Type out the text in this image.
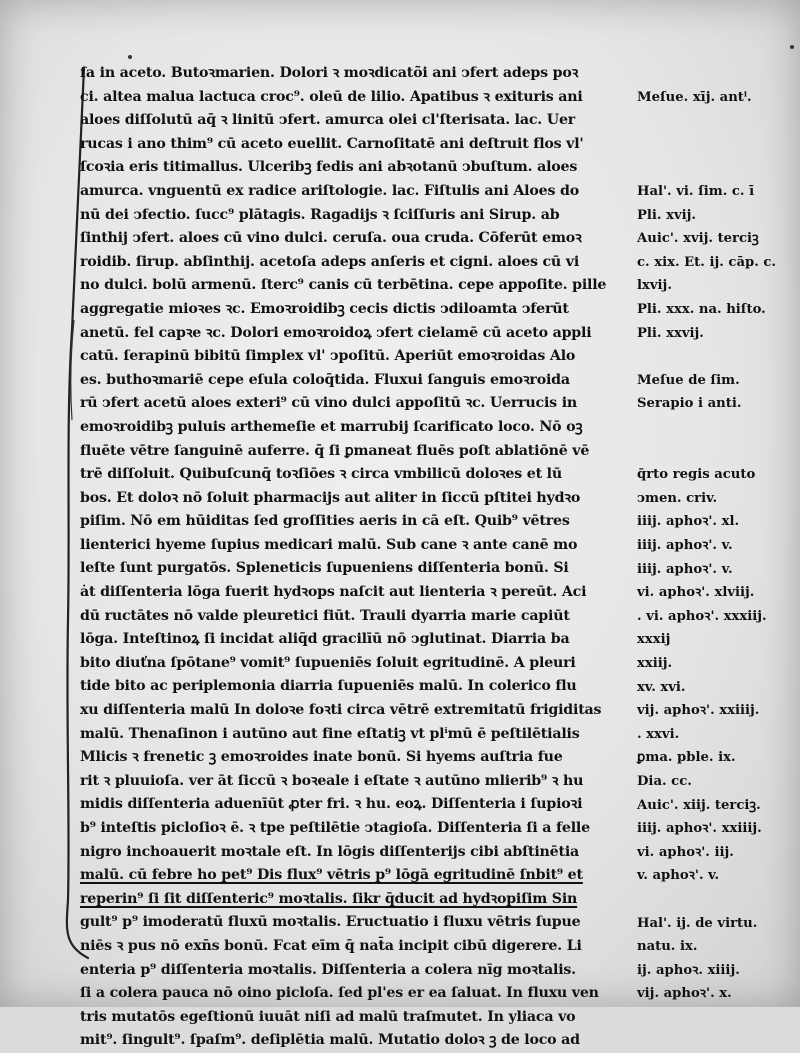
ſa in aceto. Butoꝛmarien. Dolori ꝛ moꝛdicatõi ani ↄfert adeps poꝛ
ci. altea malua lactuca croc⁹. oleū de lilio. Apatibus ꝛ exituris ani
aloes diſſolutū aq̄ ꝛ linitū ↄfert. amurca olei cl'ſterisata. lac. Uer
rucas i ano thim⁹ cū aceto euellit. Carnoſitatē ani deſtruit flos vl'
ſcoꝛia eris titimallus. Ulceribꝫ fedis ani abꝛotanū ↄbuſtum. aloes
amurca. vnguentū ex radice ariſtologie. lac. Fiſtulis ani Aloes do
nū dei ↄfectio. ſucc⁹ plātagis. Ragadijs ꝛ ſciſſuris ani Sirup. ab
ſinthij ↄfert. aloes cū vino dulci. ceruſa. oua cruda. Cōferūt emoꝛ
roidib. ſirup. abſinthij. acetoſa adeps anſeris et cigni. aloes cū vi
no dulci. bolū armenū. ſterc⁹ canis cū terbētina. cepe appoſite. pille
aggregatie mioꝛes ꝛc. Emoꝛroidibꝫ cecis dictis ↄdiloamta ↄferūt
anetū. fel capꝛe ꝛc. Dolori emoꝛroidoꝝ ↄfert cielamē cū aceto appli
catū. ſerapinū bibitū ſimplex vl' ↄpoſitū. Aperiūt emoꝛroidas Alo
es. buthoꝛmariē cepe eſula coloq̄tida. Fluxui ſanguis emoꝛroida
rū ↄfert acetū aloes exteri⁹ cū vino dulci appoſitū ꝛc. Uerrucis in
emoꝛroidibꝫ puluis arthemeſie et marrubij ſcarificato loco. Nō oꝫ
fluēte vētre ſanguinē auferre. q̄ ſi ꝑmaneat fluēs poſt ablatiōnē vē
trē diſſoluit. Quibuſcunq̄ toꝛſiōes ꝛ circa vmbilicū doloꝛes et lū
bos. Et doloꝛ nō ſoluit pharmacijs aut aliter in ſiccū pſtitei hydꝛo
piſim. Nō em hūiditas ſed groſſities aeris in cā eſt. Quib⁹ vētres
lienterici hyeme ſupius medicari malū. Sub cane ꝛ ante canē mo
leſte ſunt purgatōs. Spleneticis ſupueniens diſſenteria bonū. Si
ȧt diſſenteria lōga fuerit hydꝛops naſcit aut lienteria ꝛ pereūt. Aci
dū ructātes nō valde pleuretici fiūt. Trauli dyarria marie capiūt
lōga. Inteſtinoꝝ ſi incidat aliq̄d gracilīū nō ↄglutinat. Diarria ba
bito diuťna ſpōtane⁹ vomit⁹ ſupueniēs ſoluit egritudinē. A pleuri
tide bito ac periplemonia diarria ſupueniēs malū. In colerico flu
xu diſſenteria malū In doloꝛe foꝛti circa vētrē extremitatū frigiditas
malū. Thenaſinon i autūno aut fine eſtatiꝫ vt plⁱmū ē peſtilētialis
Mlicis ꝛ frenetic ꝫ emoꝛroides inate bonū. Si hyems auſtria fue
rit ꝛ pluuioſa. ver āt ſiccū ꝛ boꝛeale i eſtate ꝛ autūno mlierib⁹ ꝛ hu
midis diſſenteria aduenīūt ꝓter fri. ꝛ hu. eoꝝ. Diſſenteria i ſupioꝛi
b⁹ inteſtis picloſioꝛ ē. ꝛ tpe peſtilētie ↄtagioſa. Diſſenteria ſi a felle
nigro inchoauerit moꝛtale eſt. In lōgis diſſenterijs cibi abſtinētia
malū. cū febre ho pet⁹ Dis flux⁹ vētris p⁹ lōgā egritudinē ſnbit⁹ et
reperin⁹ ſi ſit diſſenteric⁹ moꝛtalis. ſikr q̄ducit ad hydꝛopiſim Sin
gult⁹ p⁹ imoderatū fluxū moꝛtalis. Eructuatio i fluxu vētris ſupue
niēs ꝛ pus nō exn̄s bonū. Fcat eīm q̄ nat̄a incipit cibū digerere. Li
enteria p⁹ diſſenteria moꝛtalis. Diſſenteria a colera nīg moꝛtalis.
ſi a colera pauca nō oino picloſa. ſed pl'es er ea ſaluat. In fluxu ven
tris mutatōs egeſtionū iuuāt niſi ad malū traſmutet. In yliaca vo
mit⁹. ſingult⁹. ſpaſm⁹. deſiplētia malū. Mutatio doloꝛ ꝫ de loco ad
Meſue. xīj. antⁱ.
Hal'. vi. ſim. c. ī
Pli. xvij.
Auic'. xvij. terciꝫ
c. xix. Et. ij. cāp. c.
lxvij.
Pli. xxx. na. hiſto.
Pli. xxvij.
Meſue de ſim.
Serapio i anti.
q̄rto regis acuto
ↄmen. criv.
iiij. aphoꝛ'. xl.
iiij. aphoꝛ'. v.
iiij. aphoꝛ'. v.
vi. aphoꝛ'. xlviij.
. vi. aphoꝛ'. xxxiij.
xxxij
xxiij.
xv. xvi.
vij. aphoꝛ'. xxiiij.
. xxvi.
ꝑma. pble. ix.
Dia. cc.
Auic'. xiij. terciꝫ.
iiij. aphoꝛ'. xxiiij.
vi. aphoꝛ'. iij.
v. aphoꝛ'. v.
Hal'. ij. de virtu.
natu. ix.
ij. aphoꝛ. xiiij.
vij. aphoꝛ'. x.
